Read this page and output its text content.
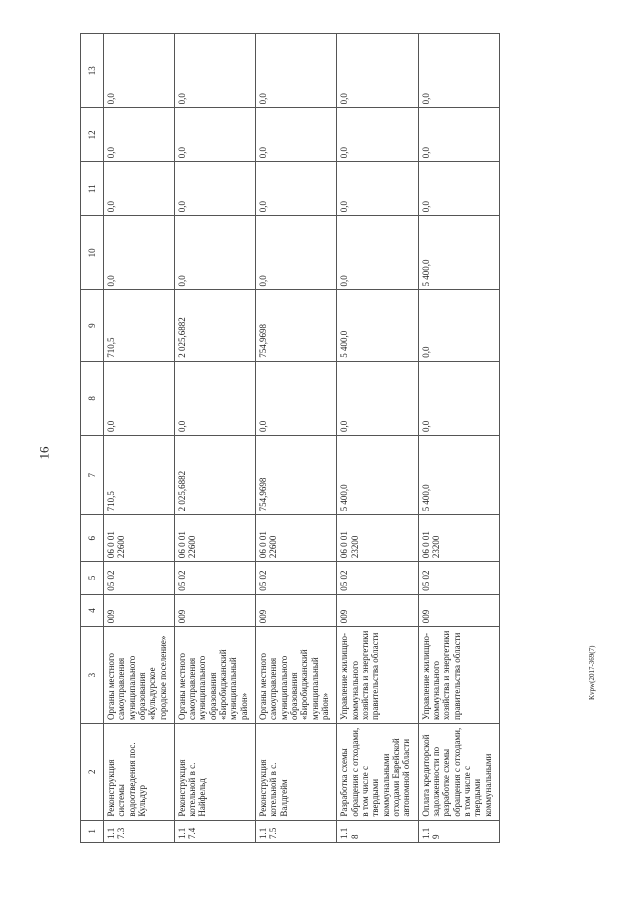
16
Kvpw(2017-369(7)
1	2	3	4	5	6	7	8	9	10	11	12	13
1.17.3	Реконструкция системы водоотведения пос. Кульдур	Органы местного самоуправления муниципального образования «Кульдурское городское поселение»	009	05 02	06 0 01 22600	710,5	0,0	710,5	0,0	0,0	0,0	0,0
1.17.4	Реконструкция котельной в с. Найфельд	Органы местного самоуправления муниципального образования «Биробиджанский муниципальный район»	009	05 02	06 0 01 22600	2 025,6882	0,0	2 025,6882	0,0	0,0	0,0	0,0
1.17.5	Реконструкция котельной в с. Валдгейм	Органы местного самоуправления муниципального образования «Биробиджанский муниципальный район»	009	05 02	06 0 01 22600	754,9698	0,0	754,9698	0,0	0,0	0,0	0,0
1.18	Разработка схемы обращения с отходами, в том числе с твердыми коммунальными отходами Еврейской автономной области	Управление жилищно-коммунального хозяйства и энергетики правительства области	009	05 02	06 0 01 23200	5 400,0	0,0	5 400,0	0,0	0,0	0,0	0,0
1.19	Оплата кредиторской задолженности по разработке схемы обращения с отходами, в том числе с твердыми коммунальными	Управление жилищно-коммунального хозяйства и энергетики правительства области	009	05 02	06 0 01 23200	5 400,0	0,0	0,0	5 400,0	0,0	0,0	0,0
